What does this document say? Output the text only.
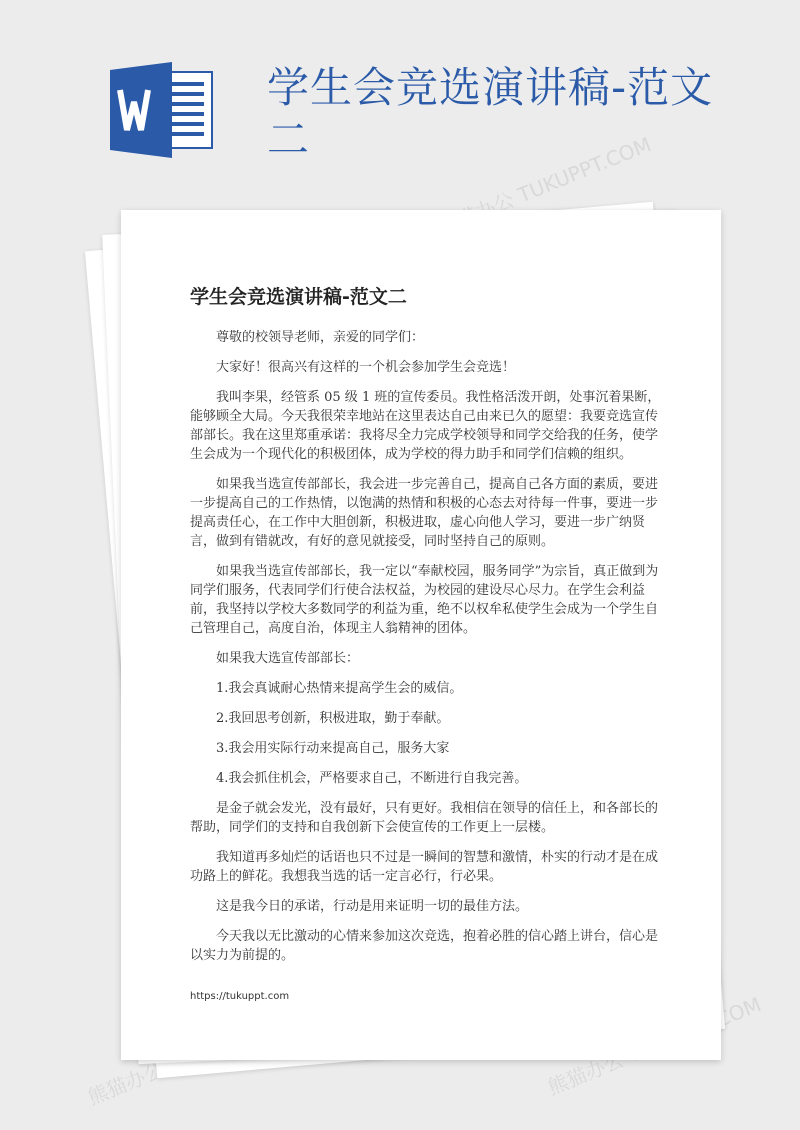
学生会竞选演讲稿-范文二	熊猫办公 TUKUPPT.COM
熊猫办公	熊猫办公
学生会竞选演讲稿-范文二

尊敬的校领导老师，亲爱的同学们：

大家好！很高兴有这样的一个机会参加学生会竞选！

我叫李果，经管系 05 级 1 班的宣传委员。我性格活泼开朗，处事沉着果断，能够顾全大局。今天我很荣幸地站在这里表达自己由来已久的愿望：我要竞选宣传部部长。我在这里郑重承诺：我将尽全力完成学校领导和同学交给我的任务，使学生会成为一个现代化的积极团体，成为学校的得力助手和同学们信赖的组织。

如果我当选宣传部部长，我会进一步完善自己，提高自己各方面的素质，要进一步提高自己的工作热情，以饱满的热情和积极的心态去对待每一件事，要进一步提高责任心，在工作中大胆创新，积极进取，虚心向他人学习，要进一步广纳贤言，做到有错就改，有好的意见就接受，同时坚持自己的原则。

如果我当选宣传部部长，我一定以“奉献校园，服务同学”为宗旨，真正做到为同学们服务，代表同学们行使合法权益，为校园的建设尽心尽力。在学生会利益前，我坚持以学校大多数同学的利益为重，绝不以权牟私使学生会成为一个学生自己管理自己，高度自治，体现主人翁精神的团体。

如果我大选宣传部部长：

1.我会真诚耐心热情来提高学生会的威信。

2.我回思考创新，积极进取，勤于奉献。

3.我会用实际行动来提高自己，服务大家

4.我会抓住机会，严格要求自己，不断进行自我完善。

是金子就会发光，没有最好，只有更好。我相信在领导的信任上，和各部长的帮助，同学们的支持和自我创新下会使宣传的工作更上一层楼。

我知道再多灿烂的话语也只不过是一瞬间的智慧和激情，朴实的行动才是在成功路上的鲜花。我想我当选的话一定言必行，行必果。

这是我今日的承诺，行动是用来证明一切的最佳方法。

今天我以无比激动的心情来参加这次竞选，抱着必胜的信心踏上讲台，信心是以实力为前提的。

https://tukuppt.com
